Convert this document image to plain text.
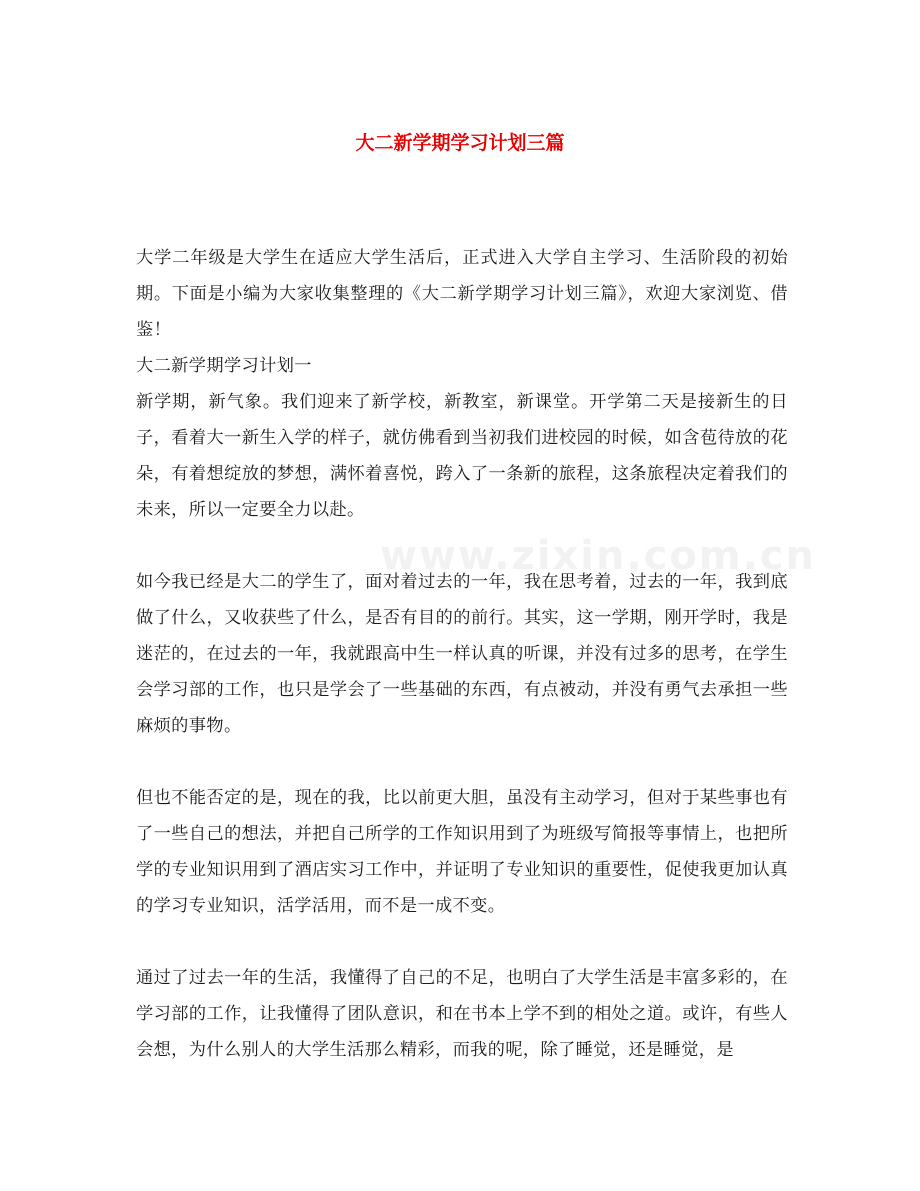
大二新学期学习计划三篇
www.zixin.com.cn

大学二年级是大学生在适应大学生活后，正式进入大学自主学习、生活阶段的初始期。下面是小编为大家收集整理的《大二新学期学习计划三篇》，欢迎大家浏览、借鉴！

大二新学期学习计划一

新学期，新气象。我们迎来了新学校，新教室，新课堂。开学第二天是接新生的日子，看着大一新生入学的样子，就仿佛看到当初我们进校园的时候，如含苞待放的花朵，有着想绽放的梦想，满怀着喜悦，跨入了一条新的旅程，这条旅程决定着我们的未来，所以一定要全力以赴。

如今我已经是大二的学生了，面对着过去的一年，我在思考着，过去的一年，我到底做了什么，又收获些了什么，是否有目的的前行。其实，这一学期，刚开学时，我是迷茫的，在过去的一年，我就跟高中生一样认真的听课，并没有过多的思考，在学生会学习部的工作，也只是学会了一些基础的东西，有点被动，并没有勇气去承担一些麻烦的事物。

但也不能否定的是，现在的我，比以前更大胆，虽没有主动学习，但对于某些事也有了一些自己的想法，并把自己所学的工作知识用到了为班级写简报等事情上，也把所学的专业知识用到了酒店实习工作中，并证明了专业知识的重要性，促使我更加认真的学习专业知识，活学活用，而不是一成不变。

通过了过去一年的生活，我懂得了自己的不足，也明白了大学生活是丰富多彩的，在学习部的工作，让我懂得了团队意识，和在书本上学不到的相处之道。或许，有些人会想，为什么别人的大学生活那么精彩，而我的呢，除了睡觉，还是睡觉，是
